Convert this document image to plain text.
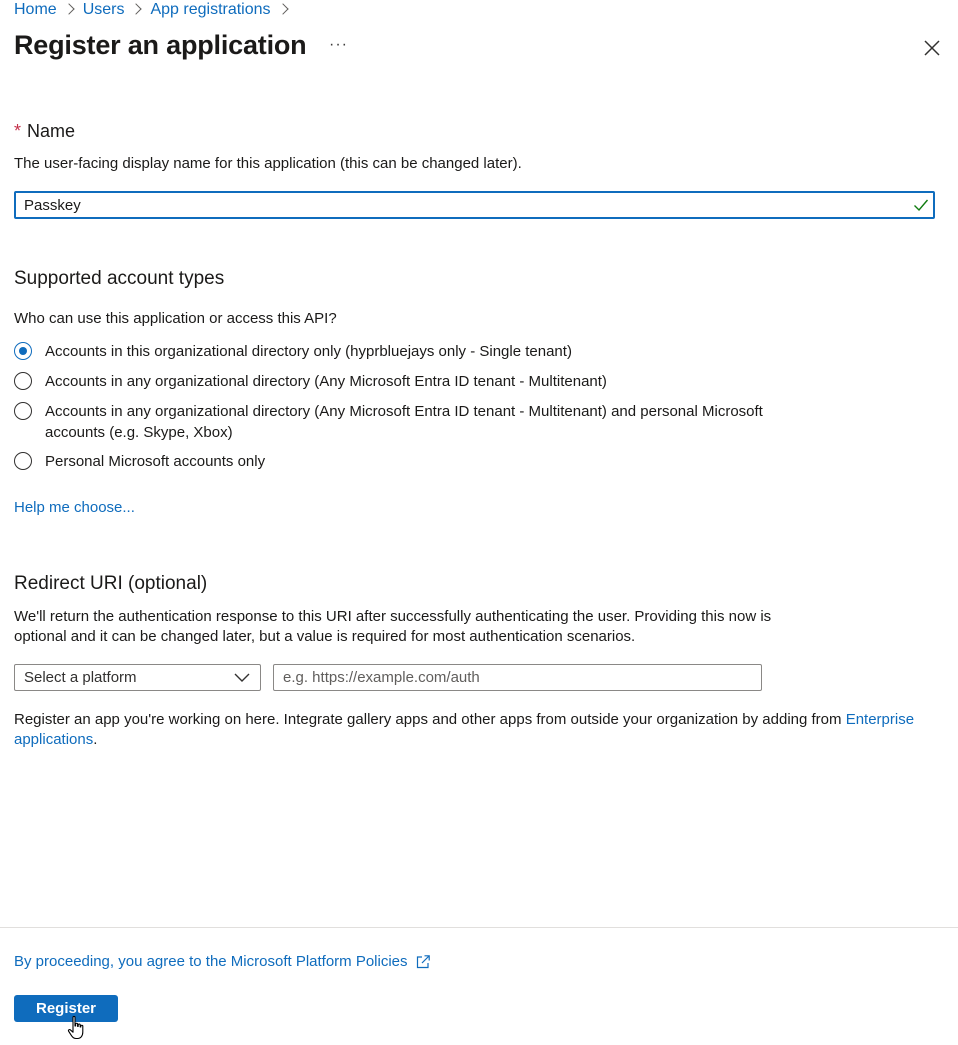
Home Users App registrations
Register an application ···
* Name
The user-facing display name for this application (this can be changed later).
Passkey
Supported account types
Who can use this application or access this API?
Accounts in this organizational directory only (hyprbluejays only - Single tenant)
Accounts in any organizational directory (Any Microsoft Entra ID tenant - Multitenant)
Accounts in any organizational directory (Any Microsoft Entra ID tenant - Multitenant) and personal Microsoft accounts (e.g. Skype, Xbox)
Personal Microsoft accounts only
Help me choose...
Redirect URI (optional)
We'll return the authentication response to this URI after successfully authenticating the user. Providing this now is optional and it can be changed later, but a value is required for most authentication scenarios.
Select a platform
e.g. https://example.com/auth
Register an app you're working on here. Integrate gallery apps and other apps from outside your organization by adding from Enterprise applications.
By proceeding, you agree to the Microsoft Platform Policies
Register
